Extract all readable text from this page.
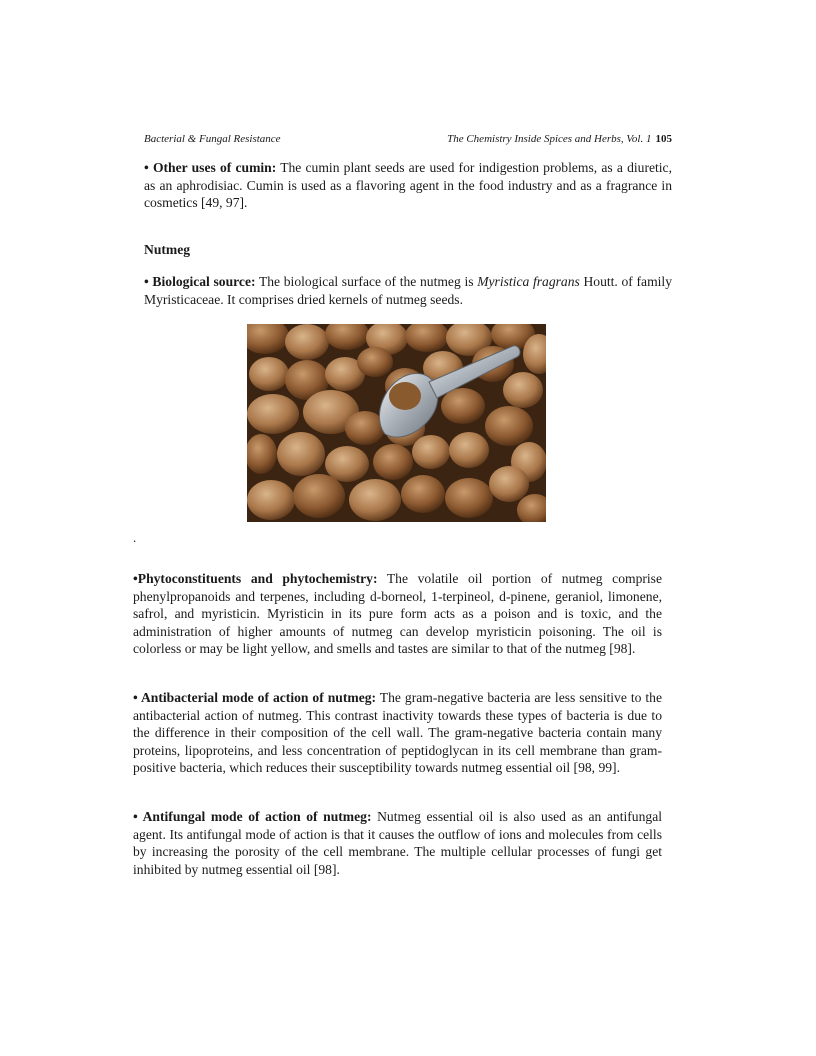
Bacterial & Fungal Resistance	The Chemistry Inside Spices and Herbs, Vol. 1 105

• Other uses of cumin: The cumin plant seeds are used for indigestion problems, as a diuretic, as an aphrodisiac. Cumin is used as a flavoring agent in the food industry and as a fragrance in cosmetics [49, 97].

Nutmeg

• Biological source: The biological surface of the nutmeg is Myristica fragrans Houtt. of family Myristicaceae. It comprises dried kernels of nutmeg seeds.

.

•Phytoconstituents and phytochemistry: The volatile oil portion of nutmeg comprise phenylpropanoids and terpenes, including d-borneol, 1-terpineol, d-pinene, geraniol, limonene, safrol, and myristicin. Myristicin in its pure form acts as a poison and is toxic, and the administration of higher amounts of nutmeg can develop myristicin poisoning. The oil is colorless or may be light yellow, and smells and tastes are similar to that of the nutmeg [98].

• Antibacterial mode of action of nutmeg: The gram-negative bacteria are less sensitive to the antibacterial action of nutmeg. This contrast inactivity towards these types of bacteria is due to the difference in their composition of the cell wall. The gram-negative bacteria contain many proteins, lipoproteins, and less concentration of peptidoglycan in its cell membrane than gram-positive bacteria, which reduces their susceptibility towards nutmeg essential oil [98, 99].

• Antifungal mode of action of nutmeg: Nutmeg essential oil is also used as an antifungal agent. Its antifungal mode of action is that it causes the outflow of ions and molecules from cells by increasing the porosity of the cell membrane. The multiple cellular processes of fungi get inhibited by nutmeg essential oil [98].
